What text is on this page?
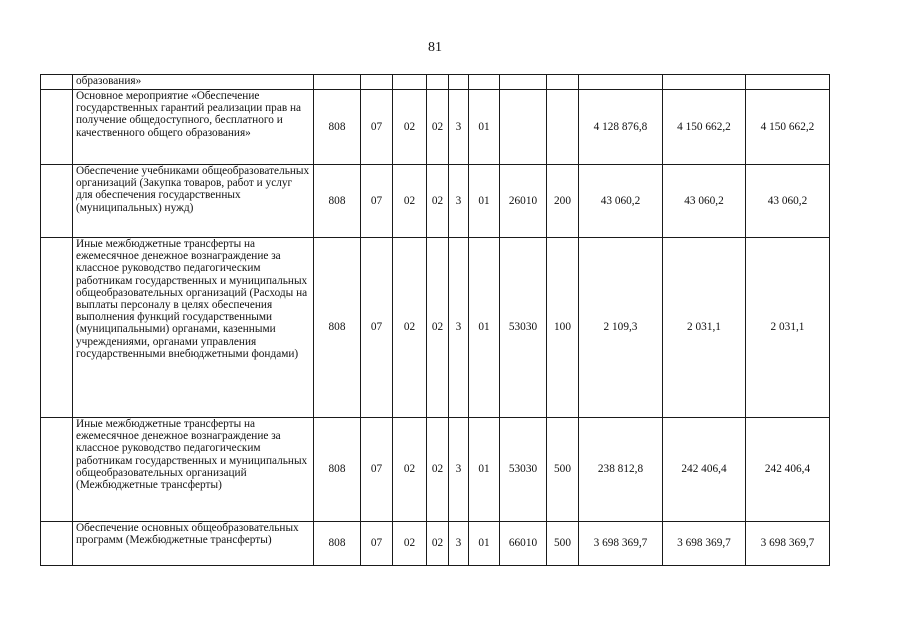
81
	образования»											
	Основное мероприятие «Обеспечение государственных гарантий реализации прав на получение общедоступного, бесплатного и качественного общего образования»	808	07	02	02	3	01			4 128 876,8	4 150 662,2	4 150 662,2
	Обеспечение учебниками общеобразовательных организаций (Закупка товаров, работ и услуг для обеспечения государственных (муниципальных) нужд)	808	07	02	02	3	01	26010	200	43 060,2	43 060,2	43 060,2
	Иные межбюджетные трансферты на ежемесячное денежное вознаграждение за классное руководство педагогическим работникам государственных и муниципальных общеобразовательных организаций (Расходы на выплаты персоналу в целях обеспечения выполнения функций государственными (муниципальными) органами, казенными учреждениями, органами управления государственными внебюджетными фондами)	808	07	02	02	3	01	53030	100	2 109,3	2 031,1	2 031,1
	Иные межбюджетные трансферты на ежемесячное денежное вознаграждение за классное руководство педагогическим работникам государственных и муниципальных общеобразовательных организаций (Межбюджетные трансферты)	808	07	02	02	3	01	53030	500	238 812,8	242 406,4	242 406,4
	Обеспечение основных общеобразовательных программ (Межбюджетные трансферты)	808	07	02	02	3	01	66010	500	3 698 369,7	3 698 369,7	3 698 369,7
